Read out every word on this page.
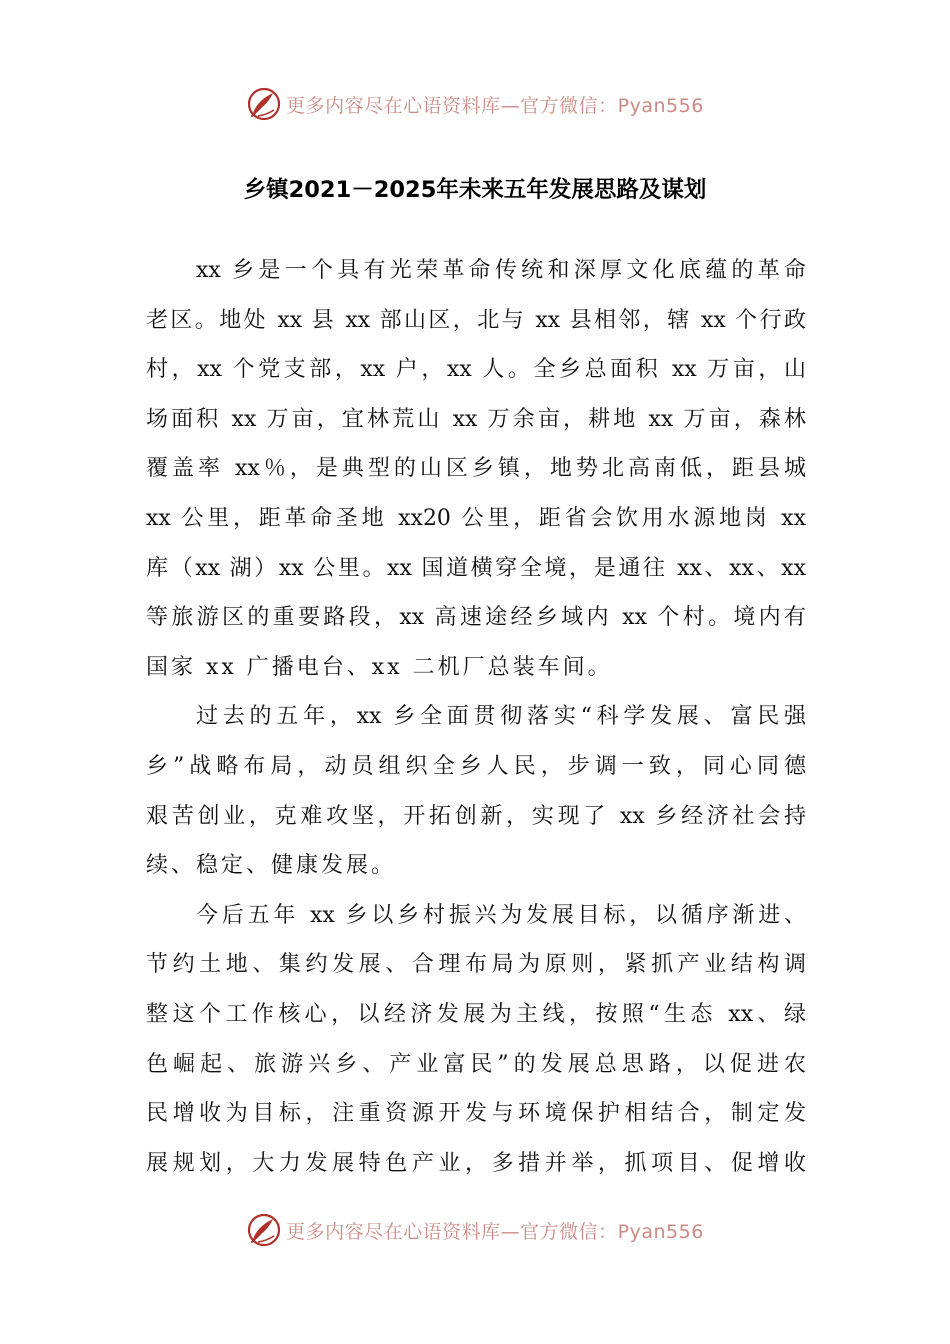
更多内容尽在心语资料库—官方微信：Pyan556
乡镇2021－2025年未来五年发展思路及谋划
xx 乡是一个具有光荣革命传统和深厚文化底蕴的革命
老区。地处 xx 县 xx 部山区，北与 xx 县相邻，辖 xx 个行政
村，xx 个党支部，xx 户，xx 人。全乡总面积 xx 万亩，山
场面积 xx 万亩，宜林荒山 xx 万余亩，耕地 xx 万亩，森林
覆盖率 xx％，是典型的山区乡镇，地势北高南低，距县城
xx 公里，距革命圣地 xx20 公里，距省会饮用水源地岗 xx
库（xx 湖）xx 公里。xx 国道横穿全境，是通往 xx、xx、xx
等旅游区的重要路段，xx 高速途经乡域内 xx 个村。境内有
国家 xx 广播电台、xx 二机厂总装车间。
过去的五年，xx 乡全面贯彻落实“科学发展、富民强
乡”战略布局，动员组织全乡人民，步调一致，同心同德
艰苦创业，克难攻坚，开拓创新，实现了 xx 乡经济社会持
续、稳定、健康发展。
今后五年 xx 乡以乡村振兴为发展目标，以循序渐进、
节约土地、集约发展、合理布局为原则，紧抓产业结构调
整这个工作核心，以经济发展为主线，按照“生态 xx、绿
色崛起、旅游兴乡、产业富民”的发展总思路，以促进农
民增收为目标，注重资源开发与环境保护相结合，制定发
展规划，大力发展特色产业，多措并举，抓项目、促增收
更多内容尽在心语资料库—官方微信：Pyan556
